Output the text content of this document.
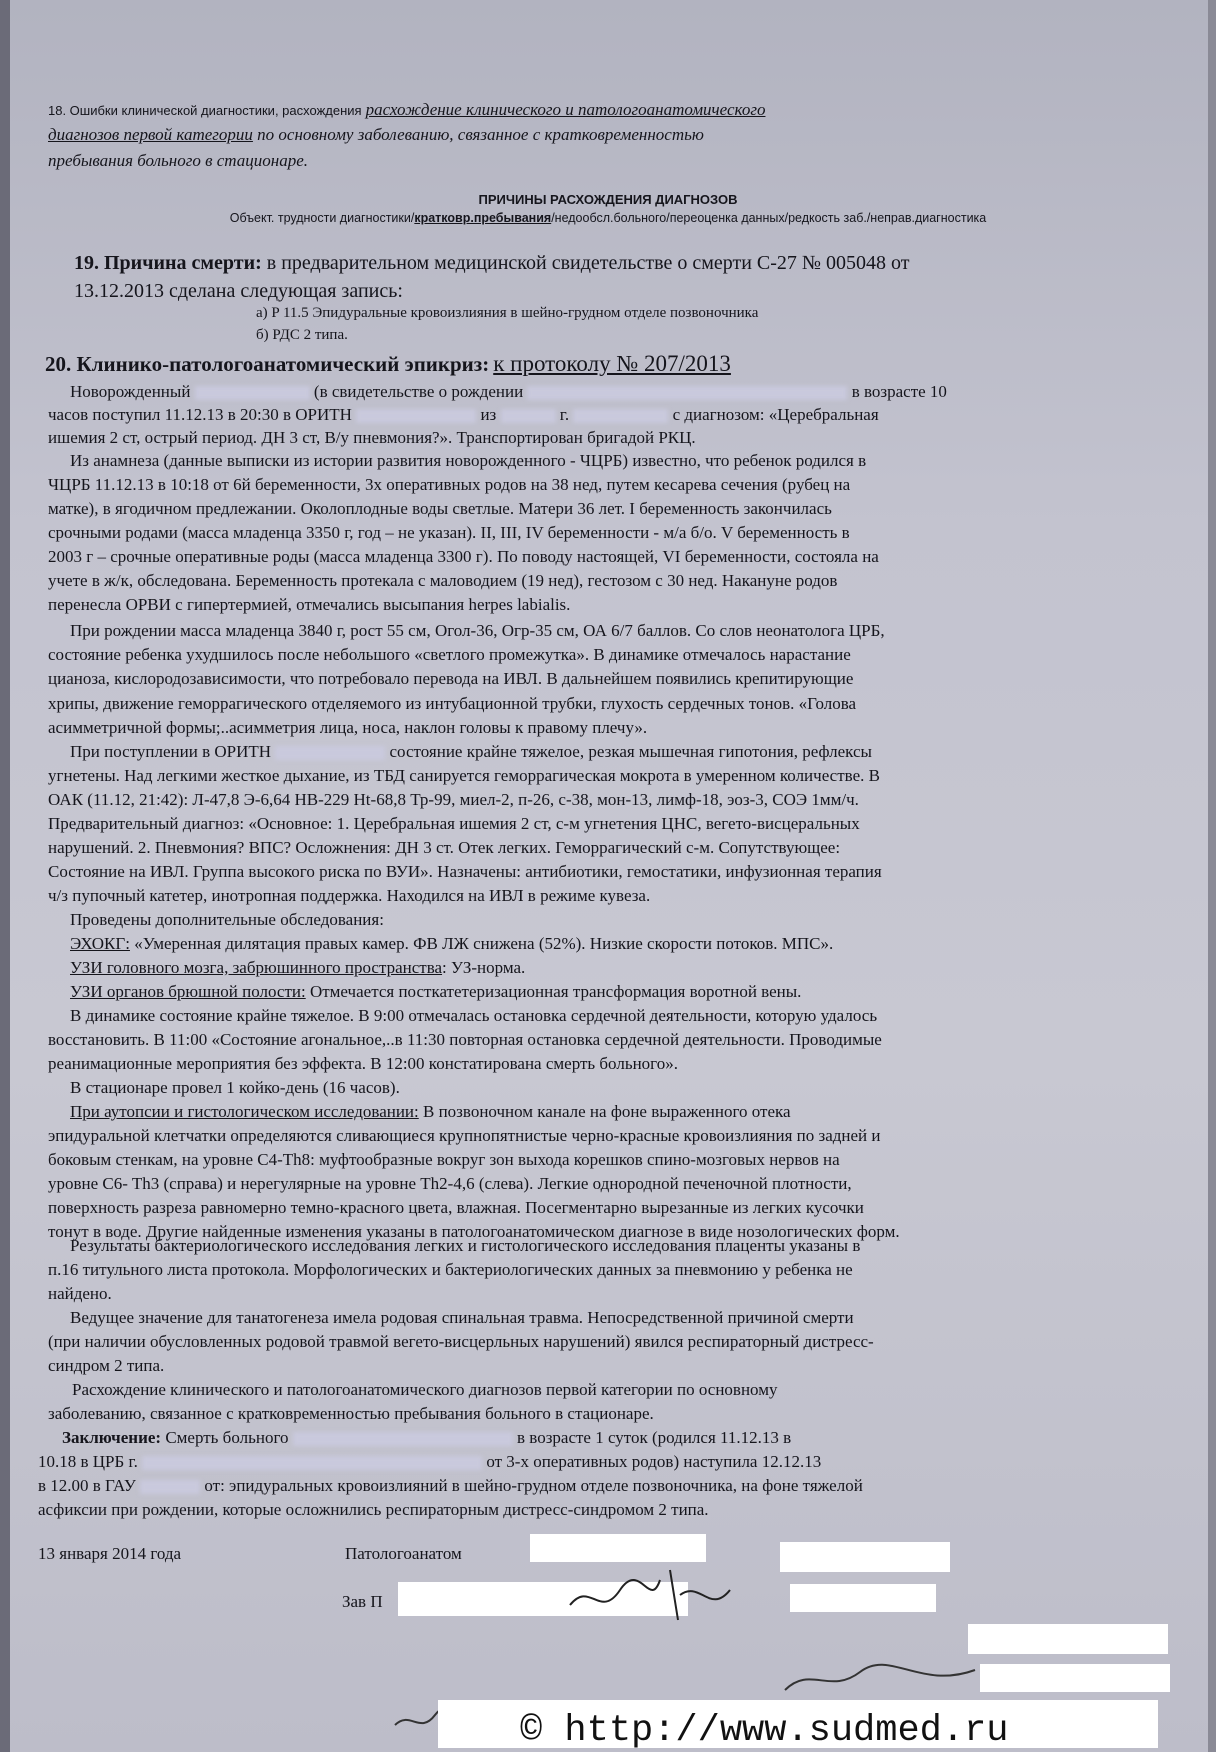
18. Ошибки клинической диагностики, расхождения расхождение клинического и патологоанатомического

диагнозов первой категории по основному заболеванию, связанное с кратковременностью

пребывания больного в стационаре.

ПРИЧИНЫ РАСХОЖДЕНИЯ ДИАГНОЗОВ
Объект. трудности диагностики/кратковр.пребывания/недообсл.больного/переоценка данных/редкость заб./неправ.диагностика

19. Причина смерти: в предварительном медицинской свидетельстве о смерти С-27 № 005048 от

13.12.2013 сделана следующая запись:

а) P 11.5 Эпидуральные кровоизлияния в шейно-грудном отделе позвоночника

б) РДС 2 типа.

20. Клинико-патологоанатомический эпикриз: к протоколу № 207/2013

Новорожденный	(в свидетельстве о рождении	в возрасте 10
часов поступил 11.12.13 в 20:30 в ОРИТН	из	г.	с диагнозом: «Церебральная
ишемия 2 ст, острый период. ДН 3 ст, В/у пневмония?». Транспортирован бригадой РКЦ.
Из анамнеза (данные выписки из истории развития новорожденного - ЧЦРБ) известно, что ребенок родился в
ЧЦРБ 11.12.13 в 10:18 от 6й беременности, 3х оперативных родов на 38 нед, путем кесарева сечения (рубец на
матке), в ягодичном предлежании. Околоплодные воды светлые. Матери 36 лет. I беременность закончилась
срочными родами (масса младенца 3350 г, год – не указан). II, III, IV беременности - м/а б/о. V беременность в
2003 г – срочные оперативные роды (масса младенца 3300 г). По поводу настоящей, VI беременности, состояла на
учете в ж/к, обследована. Беременность протекала с маловодием (19 нед), гестозом с 30 нед. Накануне родов
перенесла ОРВИ с гипертермией, отмечались высыпания herpes labialis.
При рождении масса младенца 3840 г, рост 55 см, Огол-36, Огр-35 см, ОА 6/7 баллов. Со слов неонатолога ЦРБ,
состояние ребенка ухудшилось после небольшого «светлого промежутка». В динамике отмечалось нарастание
цианоза, кислородозависимости, что потребовало перевода на ИВЛ. В дальнейшем появились крепитирующие
хрипы, движение геморрагического отделяемого из интубационной трубки, глухость сердечных тонов. «Голова
асимметричной формы;..асимметрия лица, носа, наклон головы к правому плечу».
При поступлении в ОРИТН	состояние крайне тяжелое, резкая мышечная гипотония, рефлексы
угнетены. Над легкими жесткое дыхание, из ТБД санируется геморрагическая мокрота в умеренном количестве. В
ОАК (11.12, 21:42): Л-47,8 Э-6,64 HB-229 Ht-68,8 Тр-99, миел-2, п-26, с-38, мон-13, лимф-18, эоз-3, СОЭ 1мм/ч.
Предварительный диагноз: «Основное: 1. Церебральная ишемия 2 ст, с-м угнетения ЦНС, вегето-висцеральных
нарушений. 2. Пневмония? ВПС? Осложнения: ДН 3 ст. Отек легких. Геморрагический с-м. Сопутствующее:
Состояние на ИВЛ. Группа высокого риска по ВУИ». Назначены: антибиотики, гемостатики, инфузионная терапия
ч/з пупочный катетер, инотропная поддержка. Находился на ИВЛ в режиме кувеза.
Проведены дополнительные обследования:
ЭХОКГ: «Умеренная дилятация правых камер. ФВ ЛЖ снижена (52%). Низкие скорости потоков. МПС».
УЗИ головного мозга, забрюшинного пространства: УЗ-норма.
УЗИ органов брюшной полости: Отмечается посткатетеризационная трансформация воротной вены.
В динамике состояние крайне тяжелое. В 9:00 отмечалась остановка сердечной деятельности, которую удалось
восстановить. В 11:00 «Состояние агональное,..в 11:30 повторная остановка сердечной деятельности. Проводимые
реанимационные мероприятия без эффекта. В 12:00 констатирована смерть больного».
В стационаре провел 1 койко-день (16 часов).
При аутопсии и гистологическом исследовании: В позвоночном канале на фоне выраженного отека
эпидуральной клетчатки определяются сливающиеся крупнопятнистые черно-красные кровоизлияния по задней и
боковым стенкам, на уровне C4-Th8: муфтообразные вокруг зон выхода корешков спино-мозговых нервов на
уровне C6- Th3 (справа) и нерегулярные на уровне Th2-4,6 (слева). Легкие однородной печеночной плотности,
поверхность разреза равномерно темно-красного цвета, влажная. Посегментарно вырезанные из легких кусочки
тонут в воде. Другие найденные изменения указаны в патологоанатомическом диагнозе в виде нозологических форм.
Результаты бактериологического исследования легких и гистологического исследования плаценты указаны в
п.16 титульного листа протокола. Морфологических и бактериологических данных за пневмонию у ребенка не
найдено.
Ведущее значение для танатогенеза имела родовая спинальная травма. Непосредственной причиной смерти
(при наличии обусловленных родовой травмой вегето-висцерльных нарушений) явился респираторный дистресс-
синдром 2 типа.
Расхождение клинического и патологоанатомического диагнозов первой категории по основному
заболеванию, связанное с кратковременностью пребывания больного в стационаре.
Заключение: Смерть больного	в возрасте 1 суток (родился 11.12.13 в
10.18 в ЦРБ г.	от 3-х оперативных родов) наступила 12.12.13
в 12.00 в ГАУ	от: эпидуральных кровоизлияний в шейно-грудном отделе позвоночника, на фоне тяжелой
асфиксии при рождении, которые осложнились респираторным дистресс-синдромом 2 типа.
13 января 2014 года	Патологоанатом
Зав П
© http://www.sudmed.ru
